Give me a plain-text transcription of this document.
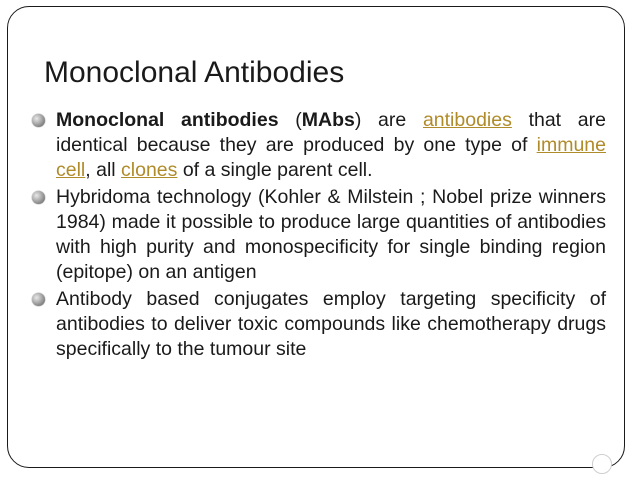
Monoclonal Antibodies
Monoclonal antibodies (MAbs) are antibodies that are identical because they are produced by one type of immune cell, all clones of a single parent cell.
Hybridoma technology (Kohler & Milstein ; Nobel prize winners 1984) made it possible to produce large quantities of antibodies with high purity and monospecificity for single binding region (epitope) on an antigen
Antibody based conjugates employ targeting specificity of antibodies to deliver toxic compounds like chemotherapy drugs specifically to the tumour site
